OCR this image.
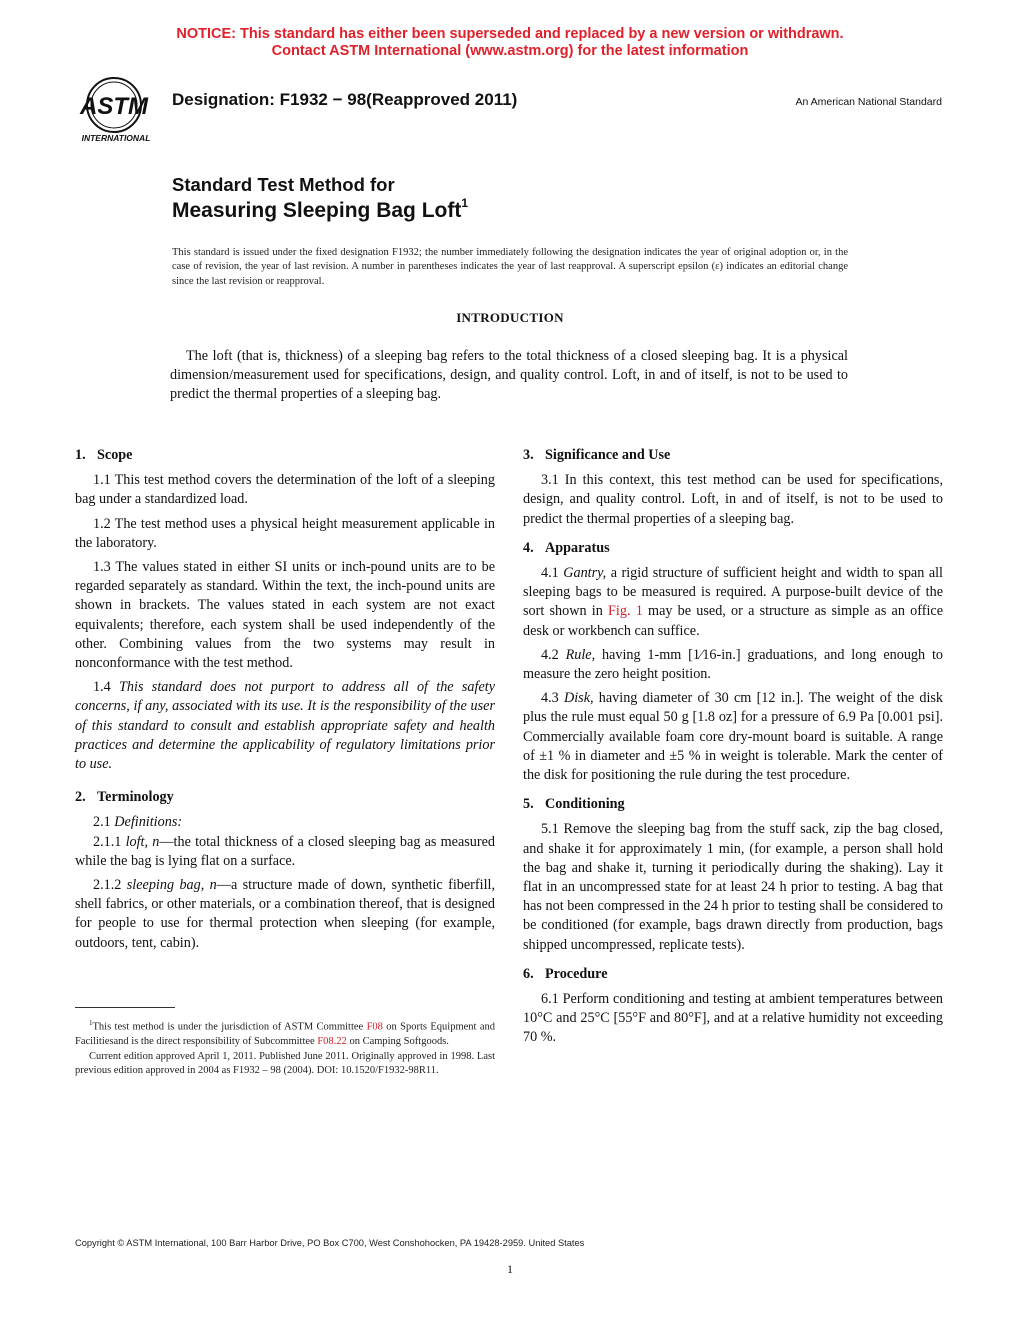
NOTICE: This standard has either been superseded and replaced by a new version or withdrawn.
Contact ASTM International (www.astm.org) for the latest information
ASTM
INTERNATIONAL
Designation: F1932 − 98(Reapproved 2011)	An American National Standard
Standard Test Method for
Measuring Sleeping Bag Loft$^1$
This standard is issued under the fixed designation F1932; the number immediately following the designation indicates the year of original adoption or, in the case of revision, the year of last revision. A number in parentheses indicates the year of last reapproval. A superscript epsilon (ε) indicates an editorial change since the last revision or reapproval.
INTRODUCTION

The loft (that is, thickness) of a sleeping bag refers to the total thickness of a closed sleeping bag. It is a physical dimension/measurement used for specifications, design, and quality control. Loft, in and of itself, is not to be used to predict the thermal properties of a sleeping bag.

1. Scope

1.1 This test method covers the determination of the loft of a sleeping bag under a standardized load.

1.2 The test method uses a physical height measurement applicable in the laboratory.

1.3 The values stated in either SI units or inch-pound units are to be regarded separately as standard. Within the text, the inch-pound units are shown in brackets. The values stated in each system are not exact equivalents; therefore, each system shall be used independently of the other. Combining values from the two systems may result in nonconformance with the test method.

1.4 This standard does not purport to address all of the safety concerns, if any, associated with its use. It is the responsibility of the user of this standard to consult and establish appropriate safety and health practices and determine the applicability of regulatory limitations prior to use.

2. Terminology

2.1 Definitions:

2.1.1 loft, n—the total thickness of a closed sleeping bag as measured while the bag is lying flat on a surface.

2.1.2 sleeping bag, n—a structure made of down, synthetic fiberfill, shell fabrics, or other materials, or a combination thereof, that is designed for people to use for thermal protection when sleeping (for example, outdoors, tent, cabin).

$^1$This test method is under the jurisdiction of ASTM Committee F08 on Sports Equipment and Facilitiesand is the direct responsibility of Subcommittee F08.22 on Camping Softgoods.

Current edition approved April 1, 2011. Published June 2011. Originally approved in 1998. Last previous edition approved in 2004 as F1932 – 98 (2004). DOI: 10.1520/F1932-98R11.

3. Significance and Use

3.1 In this context, this test method can be used for specifications, design, and quality control. Loft, in and of itself, is not to be used to predict the thermal properties of a sleeping bag.

4. Apparatus

4.1 Gantry, a rigid structure of sufficient height and width to span all sleeping bags to be measured is required. A purpose-built device of the sort shown in Fig. 1 may be used, or a structure as simple as an office desk or workbench can suffice.

4.2 Rule, having 1-mm [1⁄16-in.] graduations, and long enough to measure the zero height position.

4.3 Disk, having diameter of 30 cm [12 in.]. The weight of the disk plus the rule must equal 50 g [1.8 oz] for a pressure of 6.9 Pa [0.001 psi]. Commercially available foam core dry-mount board is suitable. A range of ±1 % in diameter and ±5 % in weight is tolerable. Mark the center of the disk for positioning the rule during the test procedure.

5. Conditioning

5.1 Remove the sleeping bag from the stuff sack, zip the bag closed, and shake it for approximately 1 min, (for example, a person shall hold the bag and shake it, turning it periodically during the shaking). Lay it flat in an uncompressed state for at least 24 h prior to testing. A bag that has not been compressed in the 24 h prior to testing shall be considered to be conditioned (for example, bags drawn directly from production, bags shipped uncompressed, replicate tests).

6. Procedure

6.1 Perform conditioning and testing at ambient temperatures between 10°C and 25°C [55°F and 80°F], and at a relative humidity not exceeding 70 %.

Copyright © ASTM International, 100 Barr Harbor Drive, PO Box C700, West Conshohocken, PA 19428-2959. United States
1
